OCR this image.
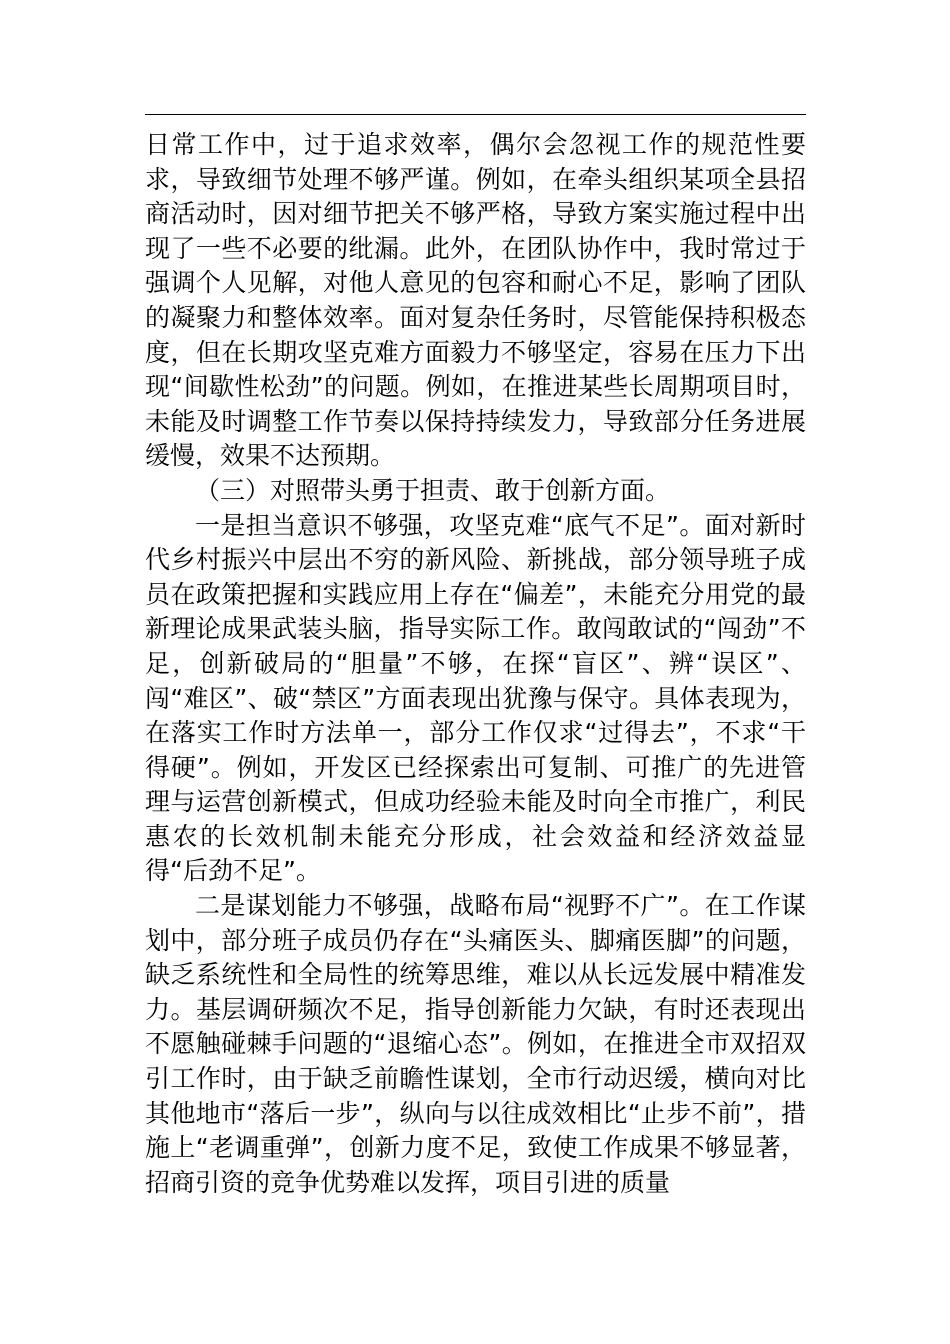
日常工作中，过于追求效率，偶尔会忽视工作的规范性要求，导致细节处理不够严谨。例如，在牵头组织某项全县招商活动时，因对细节把关不够严格，导致方案实施过程中出现了一些不必要的纰漏。此外，在团队协作中，我时常过于强调个人见解，对他人意见的包容和耐心不足，影响了团队的凝聚力和整体效率。面对复杂任务时，尽管能保持积极态度，但在长期攻坚克难方面毅力不够坚定，容易在压力下出现“间歇性松劲”的问题。例如，在推进某些长周期项目时，未能及时调整工作节奏以保持持续发力，导致部分任务进展缓慢，效果不达预期。

（三）对照带头勇于担责、敢于创新方面。

一是担当意识不够强，攻坚克难“底气不足”。面对新时代乡村振兴中层出不穷的新风险、新挑战，部分领导班子成员在政策把握和实践应用上存在“偏差”，未能充分用党的最新理论成果武装头脑，指导实际工作。敢闯敢试的“闯劲”不足，创新破局的“胆量”不够，在探“盲区”、辨“误区”、闯“难区”、破“禁区”方面表现出犹豫与保守。具体表现为，在落实工作时方法单一，部分工作仅求“过得去”，不求“干得硬”。例如，开发区已经探索出可复制、可推广的先进管理与运营创新模式，但成功经验未能及时向全市推广，利民惠农的长效机制未能充分形成，社会效益和经济效益显得“后劲不足”。

二是谋划能力不够强，战略布局“视野不广”。在工作谋划中，部分班子成员仍存在“头痛医头、脚痛医脚”的问题，缺乏系统性和全局性的统筹思维，难以从长远发展中精准发力。基层调研频次不足，指导创新能力欠缺，有时还表现出不愿触碰棘手问题的“退缩心态”。例如，在推进全市双招双引工作时，由于缺乏前瞻性谋划，全市行动迟缓，横向对比其他地市“落后一步”，纵向与以往成效相比“止步不前”，措施上“老调重弹”，创新力度不足，致使工作成果不够显著，招商引资的竞争优势难以发挥，项目引进的质量
